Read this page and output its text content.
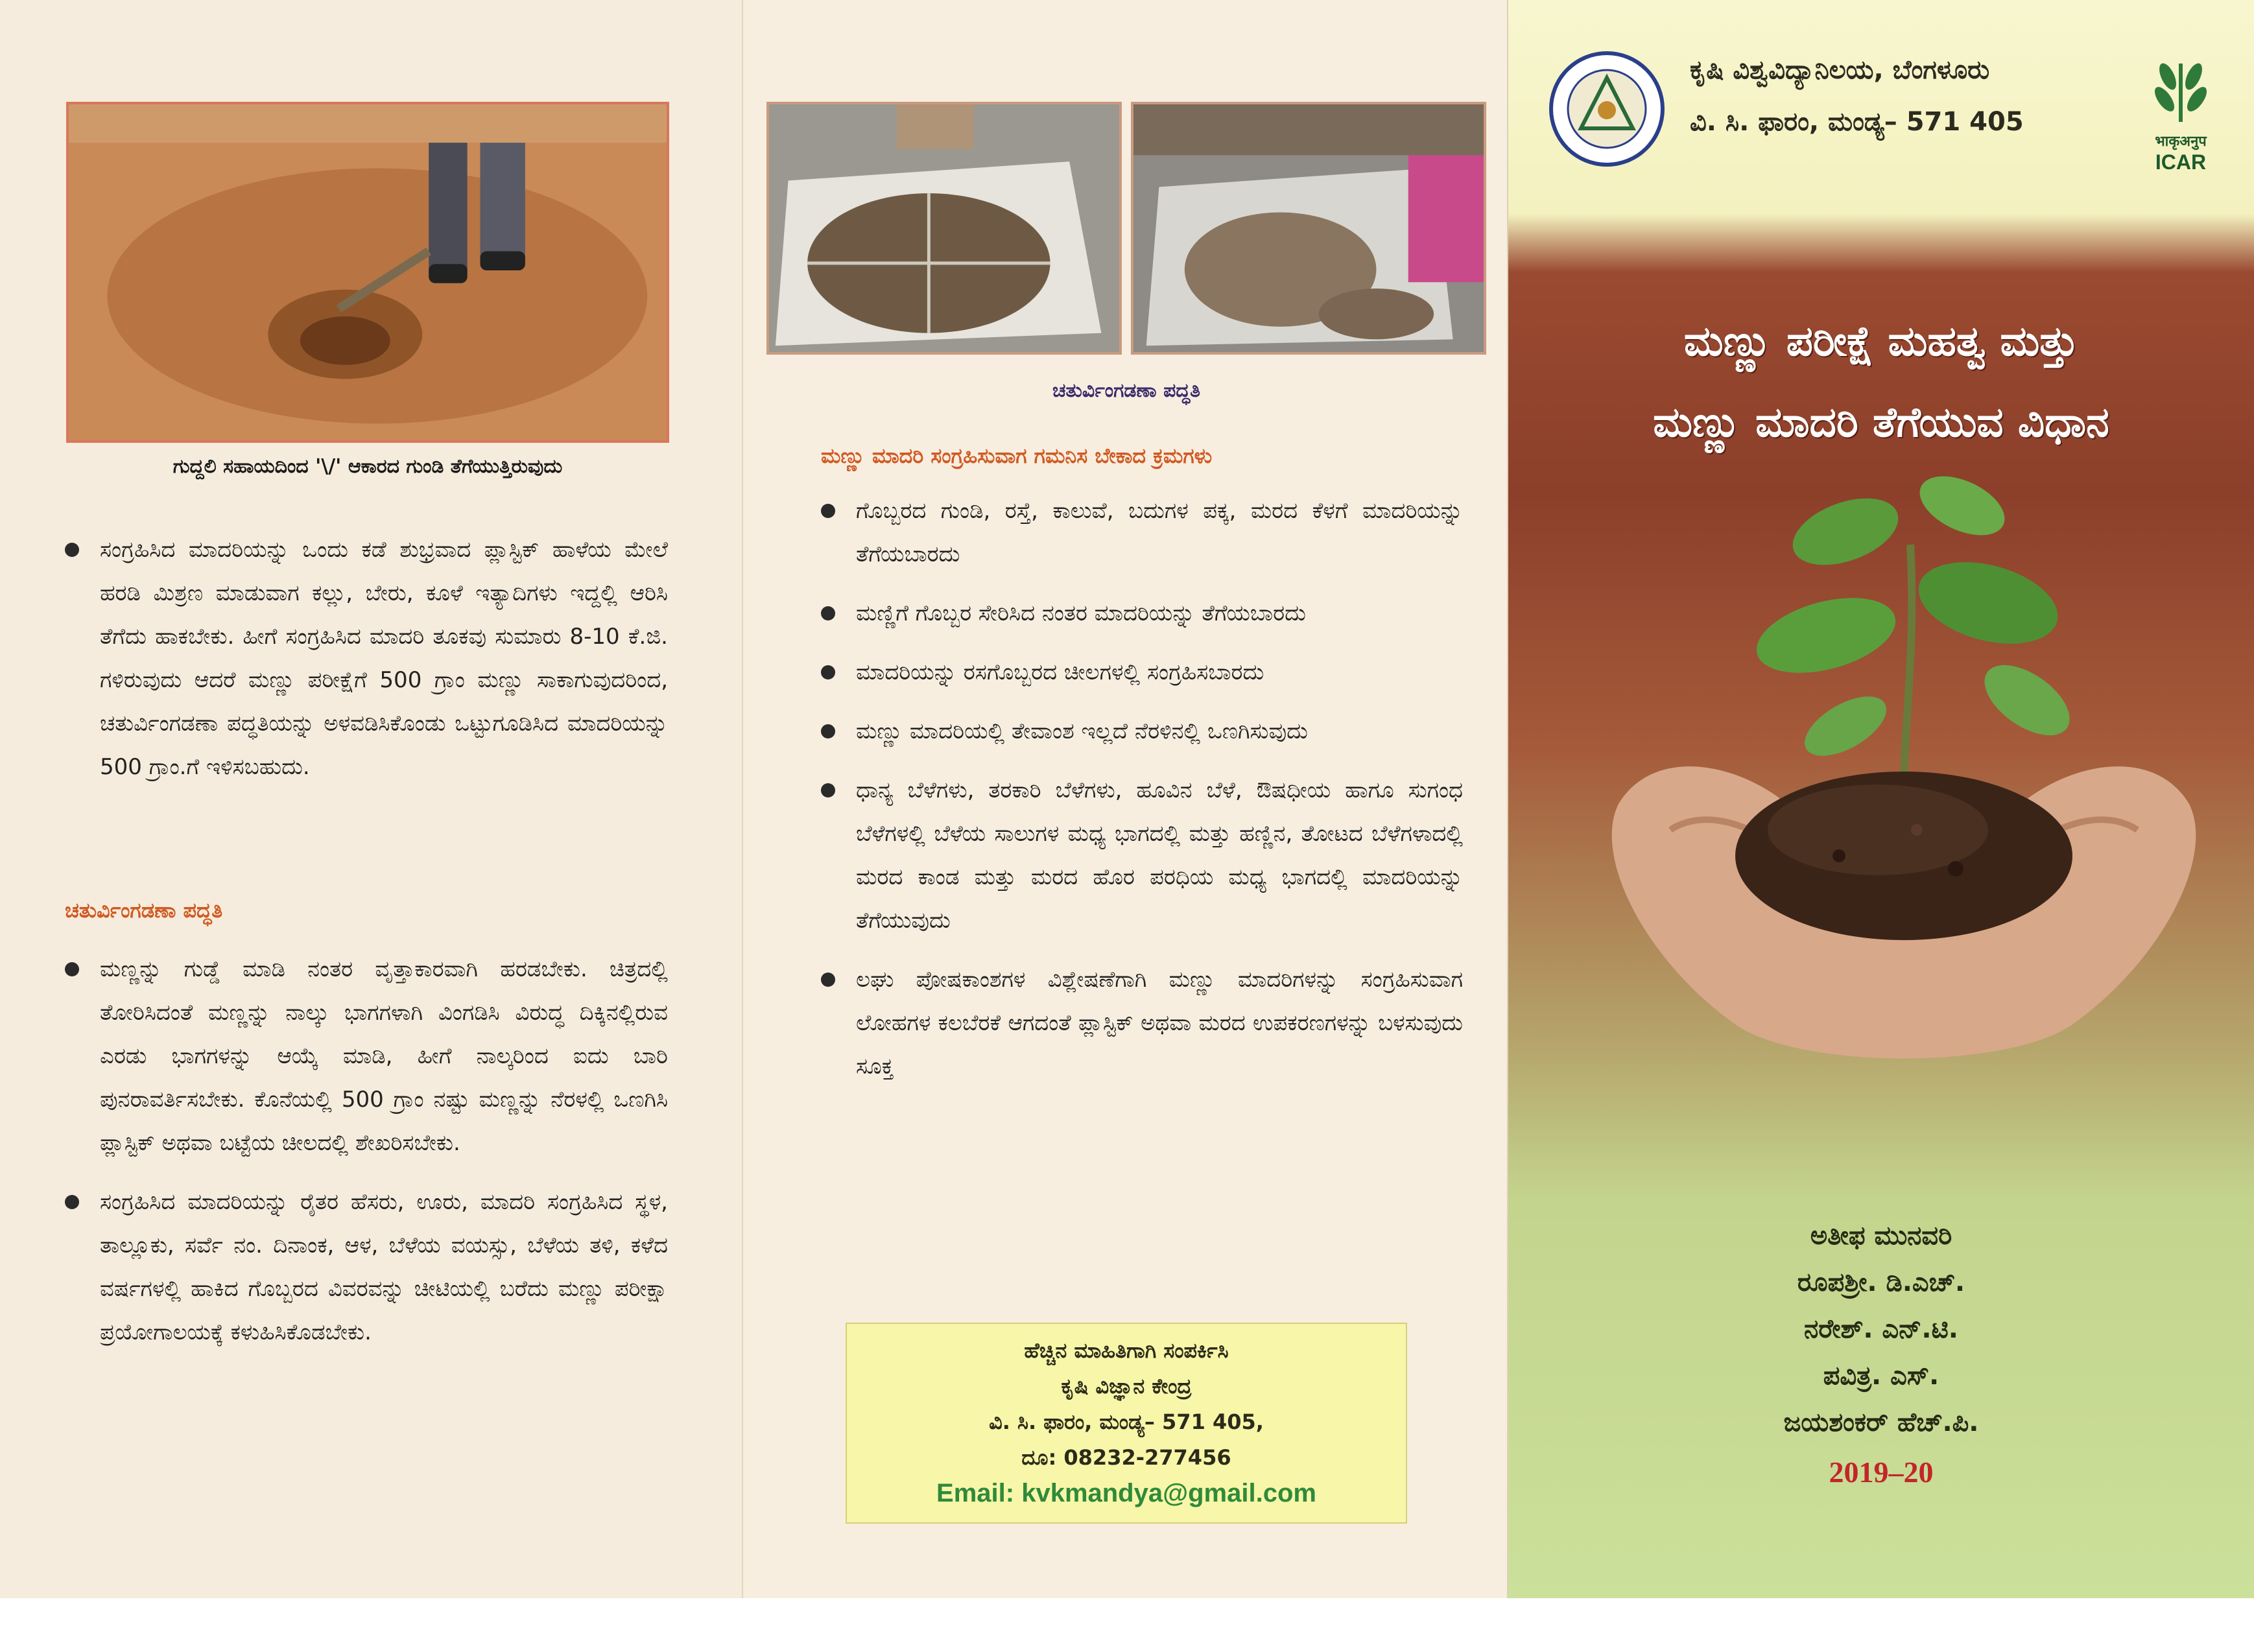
ಗುದ್ದಲಿ ಸಹಾಯದಿಂದ '\/' ಆಕಾರದ ಗುಂಡಿ ತೆಗೆಯುತ್ತಿರುವುದು
ಸಂಗ್ರಹಿಸಿದ ಮಾದರಿಯನ್ನು ಒಂದು ಕಡೆ ಶುಭ್ರವಾದ ಪ್ಲಾಸ್ಟಿಕ್ ಹಾಳೆಯ ಮೇಲೆ ಹರಡಿ ಮಿಶ್ರಣ ಮಾಡುವಾಗ ಕಲ್ಲು, ಬೇರು, ಕೂಳೆ ಇತ್ಯಾದಿಗಳು ಇದ್ದಲ್ಲಿ ಆರಿಸಿ ತೆಗೆದು ಹಾಕಬೇಕು. ಹೀಗೆ ಸಂಗ್ರಹಿಸಿದ ಮಾದರಿ ತೂಕವು ಸುಮಾರು 8-10 ಕೆ.ಜಿ. ಗಳಿರುವುದು ಆದರೆ ಮಣ್ಣು ಪರೀಕ್ಷೆಗೆ 500 ಗ್ರಾಂ ಮಣ್ಣು ಸಾಕಾಗುವುದರಿಂದ, ಚತುರ್ವಿಂಗಡಣಾ ಪದ್ಧತಿಯನ್ನು ಅಳವಡಿಸಿಕೊಂಡು ಒಟ್ಟುಗೂಡಿಸಿದ ಮಾದರಿಯನ್ನು 500 ಗ್ರಾಂ.ಗೆ ಇಳಿಸಬಹುದು.
ಚತುರ್ವಿಂಗಡಣಾ ಪದ್ಧತಿ
ಮಣ್ಣನ್ನು ಗುಡ್ಡೆ ಮಾಡಿ ನಂತರ ವೃತ್ತಾಕಾರವಾಗಿ ಹರಡಬೇಕು. ಚಿತ್ರದಲ್ಲಿ ತೋರಿಸಿದಂತೆ ಮಣ್ಣನ್ನು ನಾಲ್ಕು ಭಾಗಗಳಾಗಿ ವಿಂಗಡಿಸಿ ವಿರುದ್ಧ ದಿಕ್ಕಿನಲ್ಲಿರುವ ಎರಡು ಭಾಗಗಳನ್ನು ಆಯ್ಕೆ ಮಾಡಿ, ಹೀಗೆ ನಾಲ್ಕರಿಂದ ಐದು ಬಾರಿ ಪುನರಾವರ್ತಿಸಬೇಕು. ಕೊನೆಯಲ್ಲಿ 500 ಗ್ರಾಂ ನಷ್ಟು ಮಣ್ಣನ್ನು ನೆರಳಲ್ಲಿ ಒಣಗಿಸಿ ಪ್ಲಾಸ್ಟಿಕ್ ಅಥವಾ ಬಟ್ಟೆಯ ಚೀಲದಲ್ಲಿ ಶೇಖರಿಸಬೇಕು.
ಸಂಗ್ರಹಿಸಿದ ಮಾದರಿಯನ್ನು ರೈತರ ಹೆಸರು, ಊರು, ಮಾದರಿ ಸಂಗ್ರಹಿಸಿದ ಸ್ಥಳ, ತಾಲ್ಲೂಕು, ಸರ್ವೆ ನಂ. ದಿನಾಂಕ, ಆಳ, ಬೆಳೆಯ ವಯಸ್ಸು, ಬೆಳೆಯ ತಳಿ, ಕಳೆದ ವರ್ಷಗಳಲ್ಲಿ ಹಾಕಿದ ಗೊಬ್ಬರದ ವಿವರವನ್ನು ಚೀಟಿಯಲ್ಲಿ ಬರೆದು ಮಣ್ಣು ಪರೀಕ್ಷಾ ಪ್ರಯೋಗಾಲಯಕ್ಕೆ ಕಳುಹಿಸಿಕೊಡಬೇಕು.
ಚತುರ್ವಿಂಗಡಣಾ ಪದ್ಧತಿ
ಮಣ್ಣು ಮಾದರಿ ಸಂಗ್ರಹಿಸುವಾಗ ಗಮನಿಸ ಬೇಕಾದ ಕ್ರಮಗಳು
ಗೊಬ್ಬರದ ಗುಂಡಿ, ರಸ್ತೆ, ಕಾಲುವೆ, ಬದುಗಳ ಪಕ್ಕ, ಮರದ ಕೆಳಗೆ ಮಾದರಿಯನ್ನು ತೆಗೆಯಬಾರದು
ಮಣ್ಣಿಗೆ ಗೊಬ್ಬರ ಸೇರಿಸಿದ ನಂತರ ಮಾದರಿಯನ್ನು ತೆಗೆಯಬಾರದು
ಮಾದರಿಯನ್ನು ರಸಗೊಬ್ಬರದ ಚೀಲಗಳಲ್ಲಿ ಸಂಗ್ರಹಿಸಬಾರದು
ಮಣ್ಣು ಮಾದರಿಯಲ್ಲಿ ತೇವಾಂಶ ಇಲ್ಲದೆ ನೆರಳಿನಲ್ಲಿ ಒಣಗಿಸುವುದು
ಧಾನ್ಯ ಬೆಳೆಗಳು, ತರಕಾರಿ ಬೆಳೆಗಳು, ಹೂವಿನ ಬೆಳೆ, ಔಷಧೀಯ ಹಾಗೂ ಸುಗಂಧ ಬೆಳೆಗಳಲ್ಲಿ ಬೆಳೆಯ ಸಾಲುಗಳ ಮಧ್ಯ ಭಾಗದಲ್ಲಿ ಮತ್ತು ಹಣ್ಣಿನ, ತೋಟದ ಬೆಳೆಗಳಾದಲ್ಲಿ ಮರದ ಕಾಂಡ ಮತ್ತು ಮರದ ಹೊರ ಪರಧಿಯ ಮಧ್ಯ ಭಾಗದಲ್ಲಿ ಮಾದರಿಯನ್ನು ತೆಗೆಯುವುದು
ಲಘು ಪೋಷಕಾಂಶಗಳ ವಿಶ್ಲೇಷಣೆಗಾಗಿ ಮಣ್ಣು ಮಾದರಿಗಳನ್ನು ಸಂಗ್ರಹಿಸುವಾಗ ಲೋಹಗಳ ಕಲಬೆರಕೆ ಆಗದಂತೆ ಪ್ಲಾಸ್ಟಿಕ್ ಅಥವಾ ಮರದ ಉಪಕರಣಗಳನ್ನು ಬಳಸುವುದು ಸೂಕ್ತ
ಹೆಚ್ಚಿನ ಮಾಹಿತಿಗಾಗಿ ಸಂಪರ್ಕಿಸಿ
ಕೃಷಿ ವಿಜ್ಞಾನ ಕೇಂದ್ರ
ವಿ. ಸಿ. ಫಾರಂ, ಮಂಡ್ಯ– 571 405,
ದೂ: 08232-277456
Email: kvkmandya@gmail.com
ಕೃಷಿ ವಿಶ್ವವಿದ್ಯಾನಿಲಯ, ಬೆಂಗಳೂರು
ವಿ. ಸಿ. ಫಾರಂ, ಮಂಡ್ಯ– 571 405
भाकृअनुप
ICAR
ಮಣ್ಣು ಪರೀಕ್ಷೆ ಮಹತ್ವ ಮತ್ತು
ಮಣ್ಣು ಮಾದರಿ ತೆಗೆಯುವ ವಿಧಾನ
ಅತೀಫ ಮುನವರಿ
ರೂಪಶ್ರೀ. ಡಿ.ಎಚ್.
ನರೇಶ್. ಎನ್.ಟಿ.
ಪವಿತ್ರ. ಎಸ್.
ಜಯಶಂಕರ್ ಹೆಚ್.ಪಿ.
2019–20
